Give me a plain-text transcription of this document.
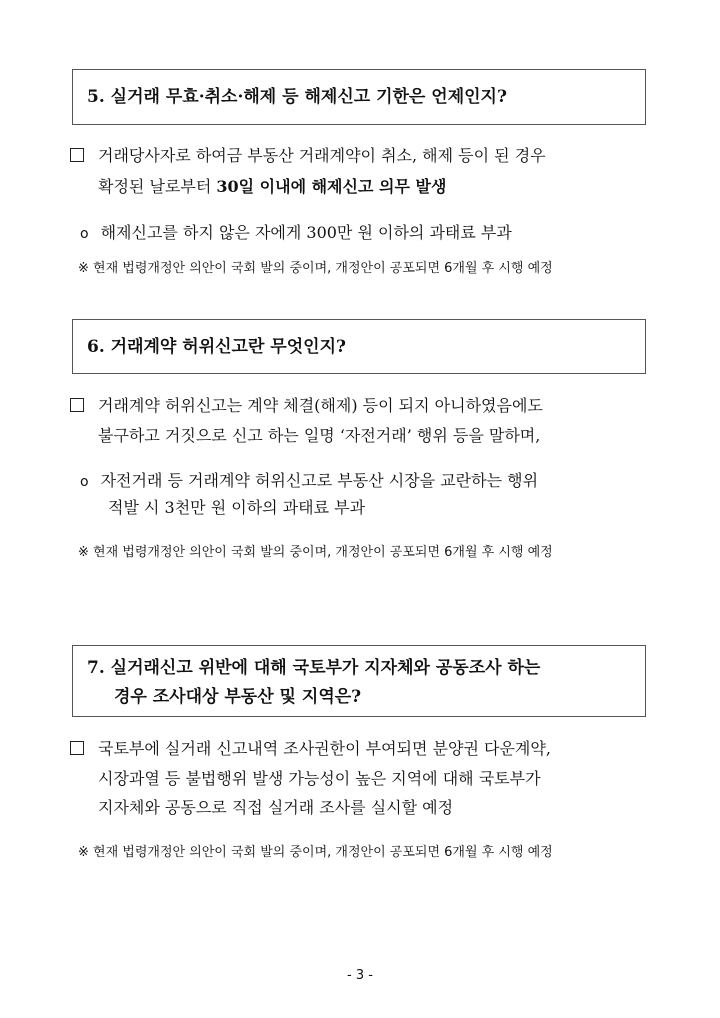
5. 실거래 무효·취소·해제 등 해제신고 기한은 언제인지?

거래당사자로 하여금 부동산 거래계약이 취소, 해제 등이 된 경우
확정된 날로부터 30일 이내에 해제신고 의무 발생
o 해제신고를 하지 않은 자에게 300만 원 이하의 과태료 부과
※ 현재 법령개정안 의안이 국회 발의 중이며, 개정안이 공포되면 6개월 후 시행 예정

6. 거래계약 허위신고란 무엇인지?

거래계약 허위신고는 계약 체결(해제) 등이 되지 아니하였음에도
불구하고 거짓으로 신고 하는 일명 ‘자전거래’ 행위 등을 말하며,
o 자전거래 등 거래계약 허위신고로 부동산 시장을 교란하는 행위
적발 시 3천만 원 이하의 과태료 부과
※ 현재 법령개정안 의안이 국회 발의 중이며, 개정안이 공포되면 6개월 후 시행 예정

7. 실거래신고 위반에 대해 국토부가 지자체와 공동조사 하는

경우 조사대상 부동산 및 지역은?

국토부에 실거래 신고내역 조사권한이 부여되면 분양권 다운계약,
시장과열 등 불법행위 발생 가능성이 높은 지역에 대해 국토부가
지자체와 공동으로 직접 실거래 조사를 실시할 예정
※ 현재 법령개정안 의안이 국회 발의 중이며, 개정안이 공포되면 6개월 후 시행 예정
- 3 -
